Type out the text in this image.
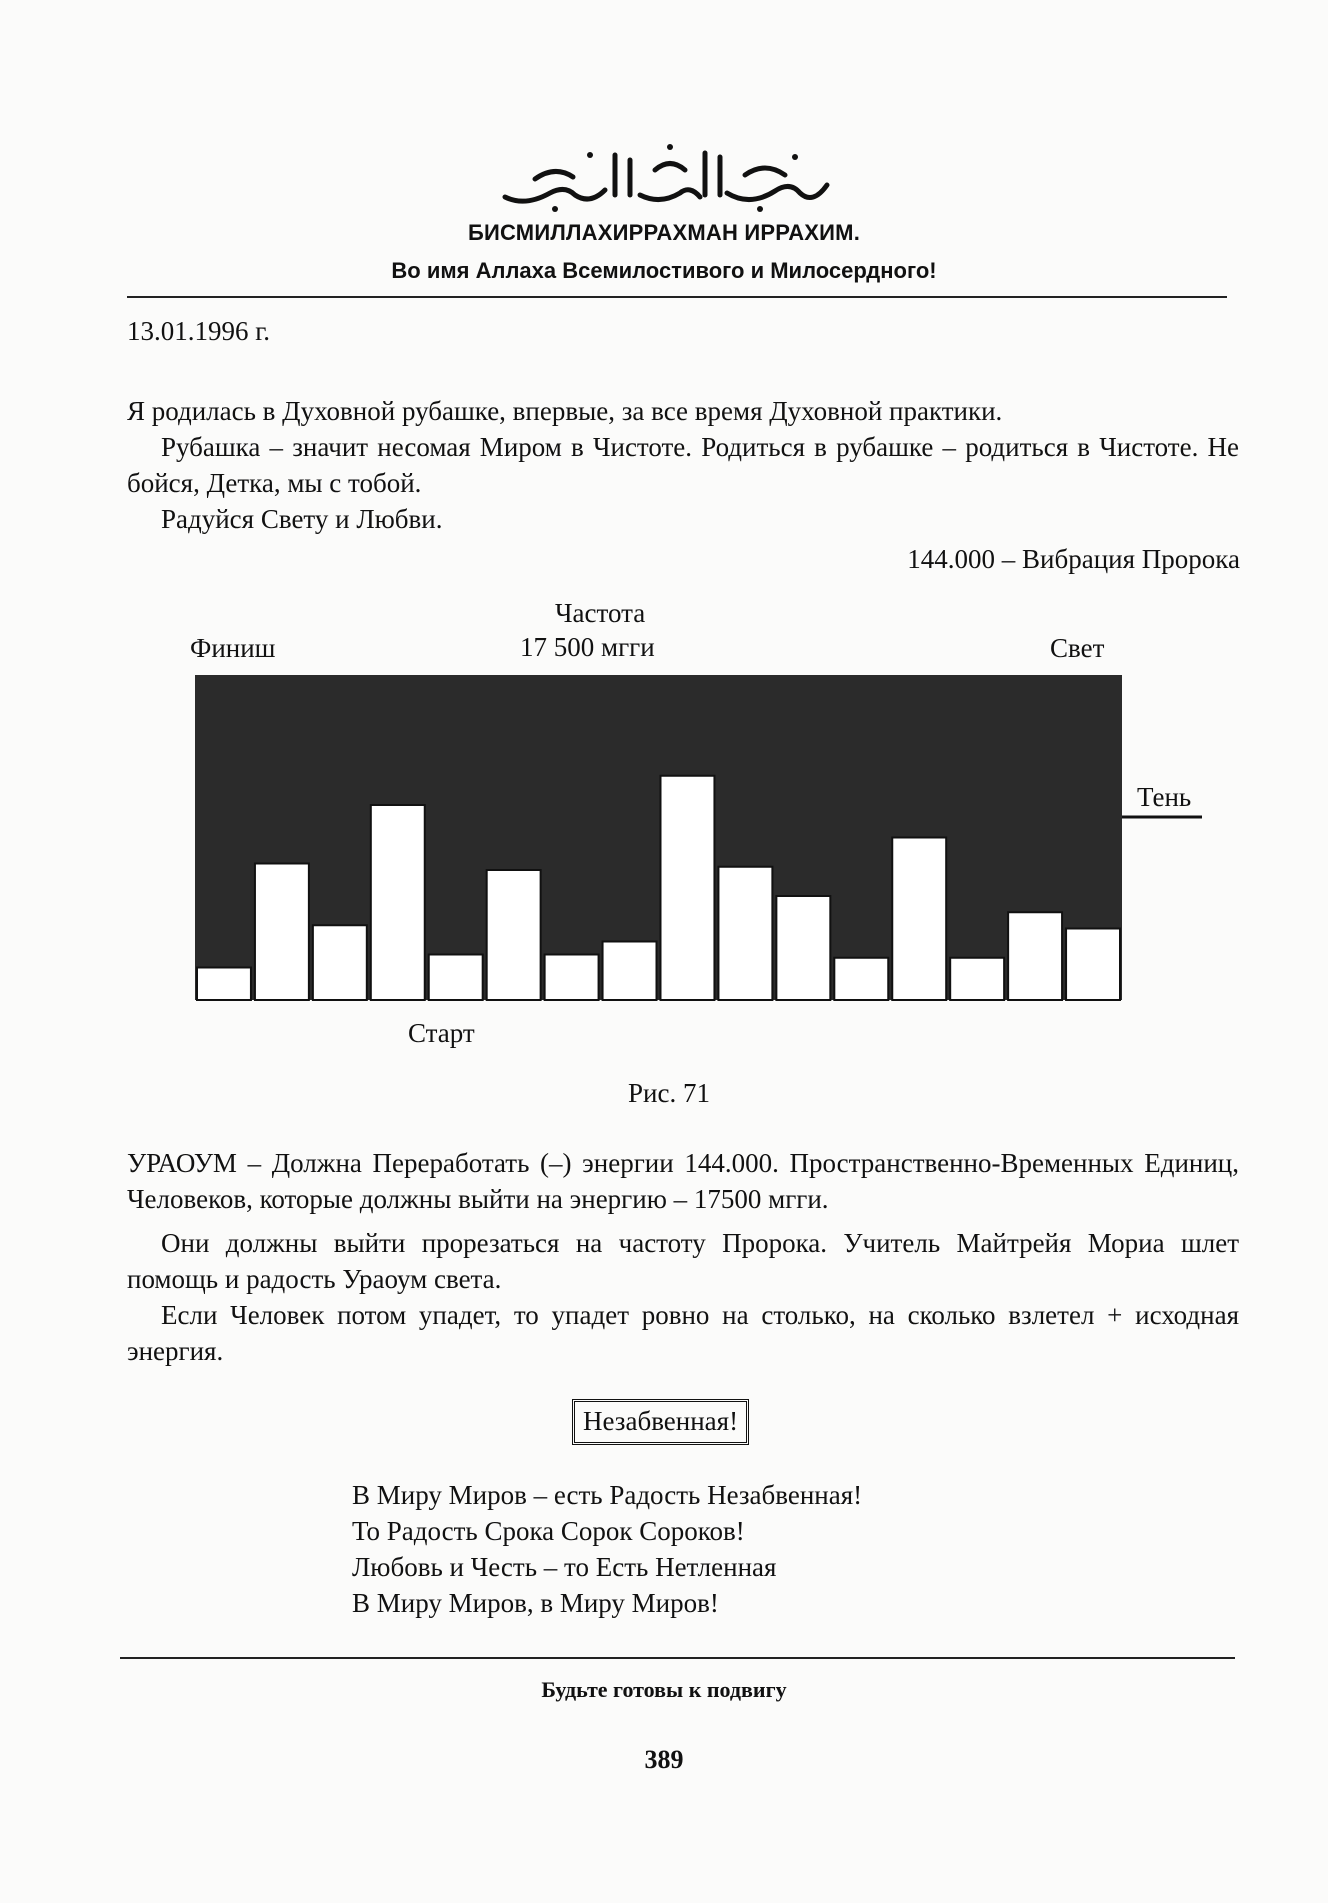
БИСМИЛЛАХИРРАХМАН ИРРАХИМ.
Во имя Аллаха Всемилостивого и Милосердного!
13.01.1996 г.
Я родилась в Духовной рубашке, впервые, за все время Духовной практики.
Рубашка – значит несомая Миром в Чистоте. Родиться в рубашке – родиться в Чистоте. Не бойся, Детка, мы с тобой.
Радуйся Свету и Любви.
144.000 – Вибрация Пророка
Частота
17 500 мгги
Финиш	Свет
Тень
Старт
Рис. 71
УРАОУМ – Должна Переработать (–) энергии 144.000. Пространственно-Временных Единиц, Человеков, которые должны выйти на энергию – 17500 мгги.
Они должны выйти прорезаться на частоту Пророка. Учитель Майтрейя Мориа шлет помощь и радость Ураоум света.
Если Человек потом упадет, то упадет ровно на столько, на сколько взлетел + исходная энергия.
Незабвенная!
В Миру Миров – есть Радость Незабвенная!
То Радость Срока Сорок Сороков!
Любовь и Честь – то Есть Нетленная
В Миру Миров, в Миру Миров!
Будьте готовы к подвигу
389
